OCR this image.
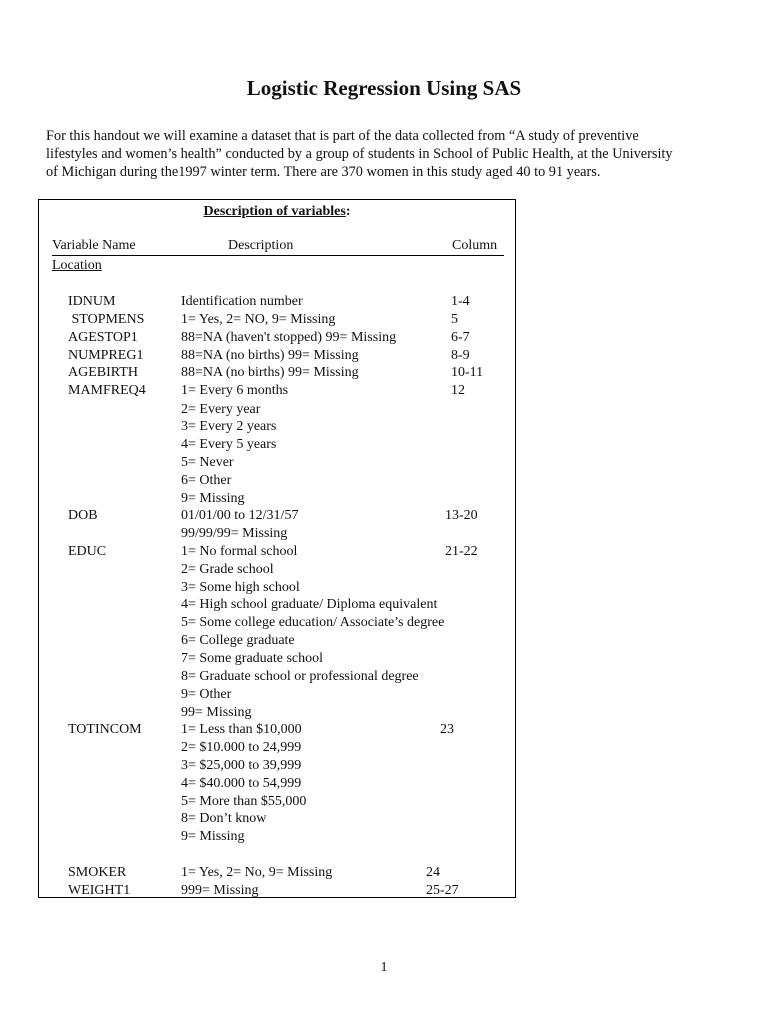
Logistic Regression Using SAS
For this handout we will examine a dataset that is part of the data collected from “A study of preventive
lifestyles and women’s health” conducted by a group of students in School of Public Health, at the University
of Michigan during the1997 winter term. There are 370 women in this study aged 40 to 91 years.
Description of variables:
Variable Name	Description	Column
Location
IDNUM	Identification number	1-4
STOPMENS	1= Yes, 2= NO, 9= Missing	5
AGESTOP1	88=NA (haven't stopped) 99= Missing	6-7
NUMPREG1	88=NA (no births) 99= Missing	8-9
AGEBIRTH	88=NA (no births) 99= Missing	10-11
MAMFREQ4	1= Every 6 months	12
2= Every year
3= Every 2 years
4= Every 5 years
5= Never
6= Other
9= Missing
DOB	01/01/00 to 12/31/57	13-20
99/99/99= Missing
EDUC	1= No formal school	21-22
2= Grade school
3= Some high school
4= High school graduate/ Diploma equivalent
5= Some college education/ Associate’s degree
6= College graduate
7= Some graduate school
8= Graduate school or professional degree
9= Other
99= Missing
TOTINCOM	1= Less than $10,000	23
2= $10.000 to 24,999
3= $25,000 to 39,999
4= $40.000 to 54,999
5= More than $55,000
8= Don’t know
9= Missing
SMOKER	1= Yes, 2= No, 9= Missing	24
WEIGHT1	999= Missing	25-27
1
